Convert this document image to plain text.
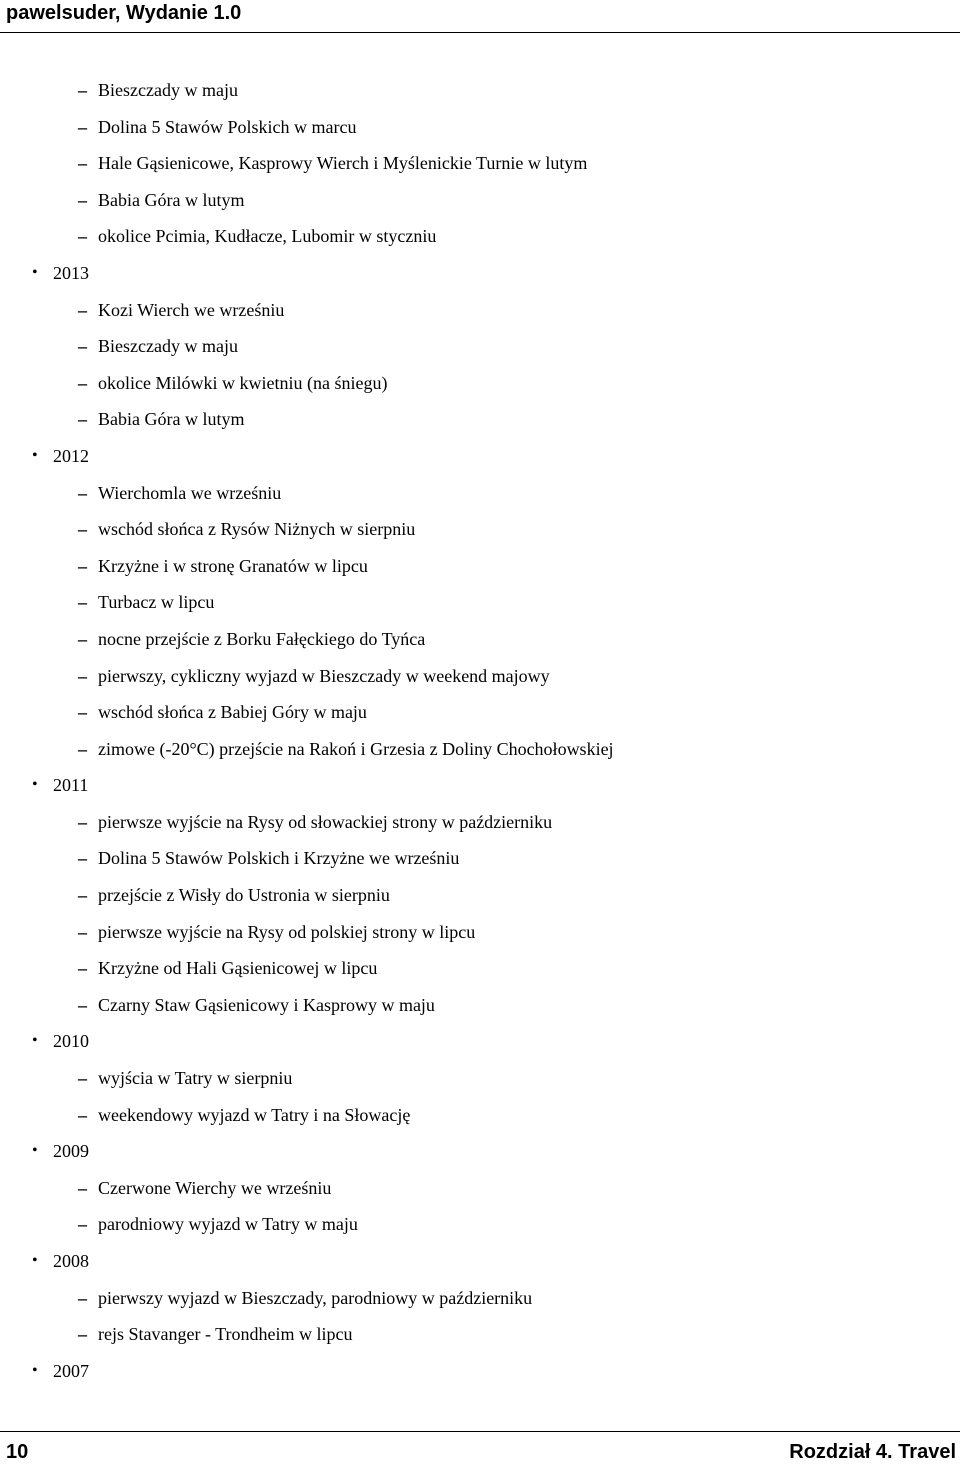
pawelsuder, Wydanie 1.0
– Bieszczady w maju
– Dolina 5 Stawów Polskich w marcu
– Hale Gąsienicowe, Kasprowy Wierch i Myślenickie Turnie w lutym
– Babia Góra w lutym
– okolice Pcimia, Kudłacze, Lubomir w styczniu
• 2013
– Kozi Wierch we wrześniu
– Bieszczady w maju
– okolice Milówki w kwietniu (na śniegu)
– Babia Góra w lutym
• 2012
– Wierchomla we wrześniu
– wschód słońca z Rysów Niżnych w sierpniu
– Krzyżne i w stronę Granatów w lipcu
– Turbacz w lipcu
– nocne przejście z Borku Fałęckiego do Tyńca
– pierwszy, cykliczny wyjazd w Bieszczady w weekend majowy
– wschód słońca z Babiej Góry w maju
– zimowe (-20°C) przejście na Rakoń i Grzesia z Doliny Chochołowskiej
• 2011
– pierwsze wyjście na Rysy od słowackiej strony w październiku
– Dolina 5 Stawów Polskich i Krzyżne we wrześniu
– przejście z Wisły do Ustronia w sierpniu
– pierwsze wyjście na Rysy od polskiej strony w lipcu
– Krzyżne od Hali Gąsienicowej w lipcu
– Czarny Staw Gąsienicowy i Kasprowy w maju
• 2010
– wyjścia w Tatry w sierpniu
– weekendowy wyjazd w Tatry i na Słowację
• 2009
– Czerwone Wierchy we wrześniu
– parodniowy wyjazd w Tatry w maju
• 2008
– pierwszy wyjazd w Bieszczady, parodniowy w październiku
– rejs Stavanger - Trondheim w lipcu
• 2007
10	Rozdział 4. Travel
